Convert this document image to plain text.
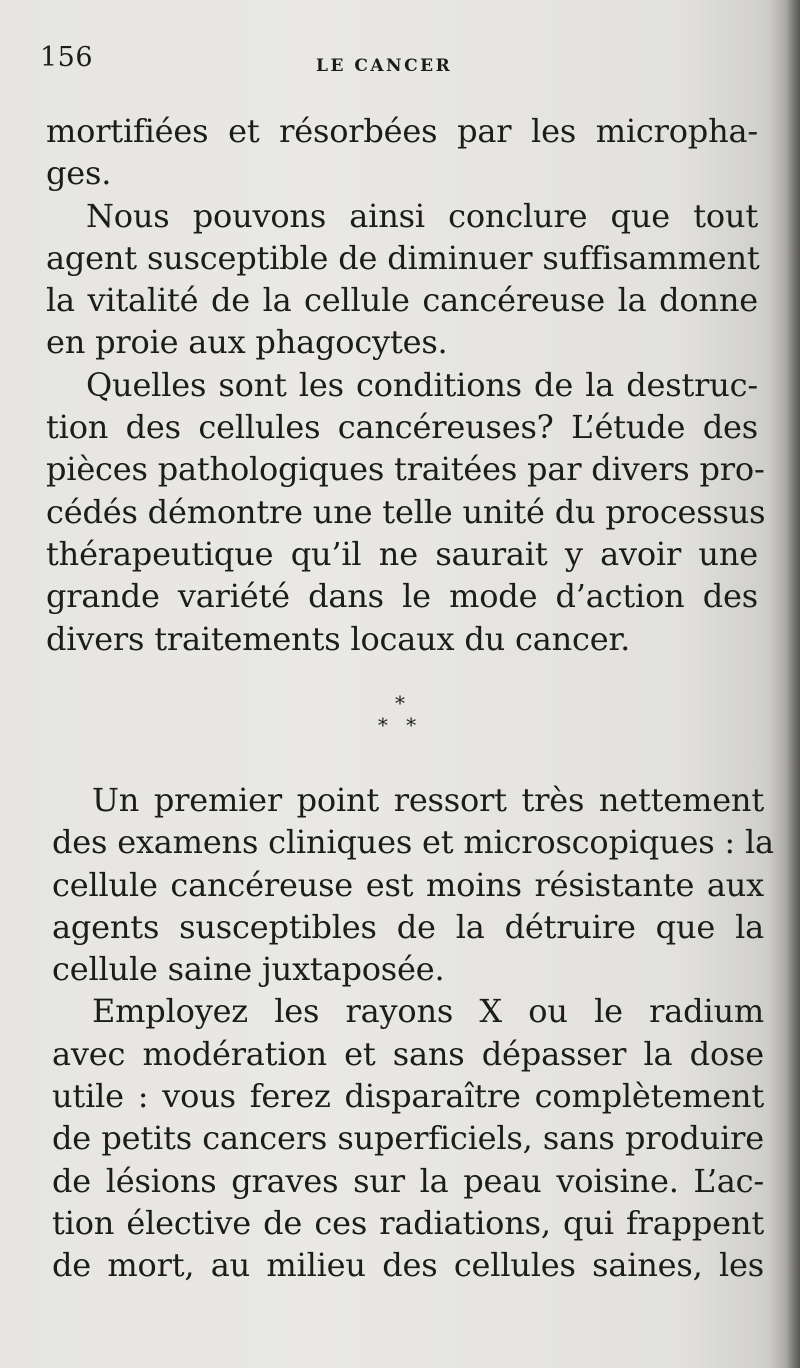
156	LE CANCER
mortifiées et résorbées par les micropha-
ges.
Nous pouvons ainsi conclure que tout
agent susceptible de diminuer suffisamment
la vitalité de la cellule cancéreuse la donne
en proie aux phagocytes.
Quelles sont les conditions de la destruc-
tion des cellules cancéreuses? L’étude des
pièces pathologiques traitées par divers pro-
cédés démontre une telle unité du processus
thérapeutique qu’il ne saurait y avoir une
grande variété dans le mode d’action des
divers traitements locaux du cancer.
*
* *
Un premier point ressort très nettement
des examens cliniques et microscopiques : la
cellule cancéreuse est moins résistante aux
agents susceptibles de la détruire que la
cellule saine juxtaposée.
Employez les rayons X ou le radium
avec modération et sans dépasser la dose
utile : vous ferez disparaître complètement
de petits cancers superficiels, sans produire
de lésions graves sur la peau voisine. L’ac-
tion élective de ces radiations, qui frappent
de mort, au milieu des cellules saines, les
